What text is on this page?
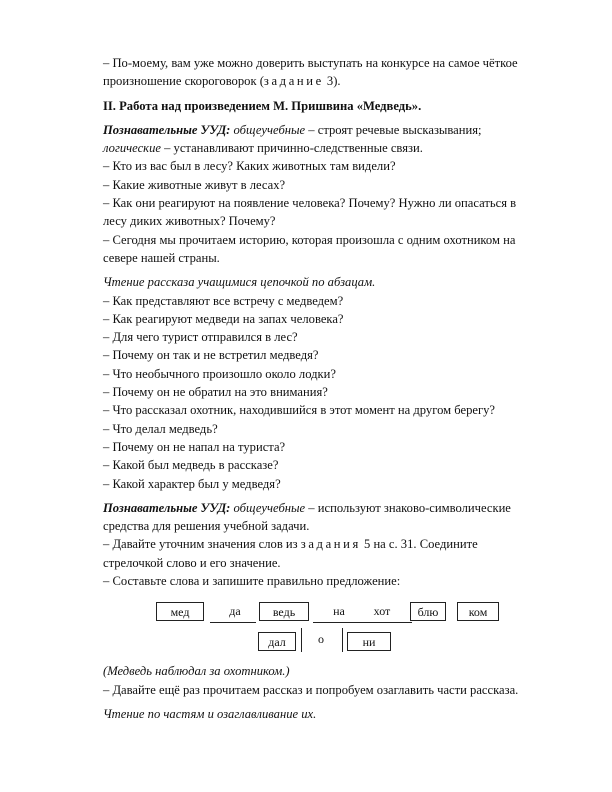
– По-моему, вам уже можно доверить выступать на конкурсе на самое чёткое
произношение скороговорок (задание 3).

II. Работа над произведением М. Пришвина «Медведь».

Познавательные УУД: общеучебные – строят речевые высказывания;
логические – устанавливают причинно-следственные связи.

– Кто из вас был в лесу? Каких животных там видели?

– Какие животные живут в лесах?

– Как они реагируют на появление человека? Почему? Нужно ли опасаться в
лесу диких животных? Почему?

– Сегодня мы прочитаем историю, которая произошла с одним охотником на
севере нашей страны.

Чтение рассказа учащимися цепочкой по абзацам.

– Как представляют все встречу с медведем?

– Как реагируют медведи на запах человека?

– Для чего турист отправился в лес?

– Почему он так и не встретил медведя?

– Что необычного произошло около лодки?

– Почему он не обратил на это внимания?

– Что рассказал охотник, находившийся в этот момент на другом берегу?

– Что делал медведь?

– Почему он не напал на туриста?

– Какой был медведь в рассказе?

– Какой характер был у медведя?

Познавательные УУД: общеучебные – используют знаково-символические
средства для решения учебной задачи.

– Давайте уточним значения слов из задания 5 на с. 31. Соедините
стрелочкой слово и его значение.

– Составьте слова и запишите правильно предложение:

мед	да	ведь	на	хот	блю	ком
дал	о	ни

(Медведь наблюдал за охотником.)

– Давайте ещё раз прочитаем рассказ и попробуем озаглавить части рассказа.

Чтение по частям и озаглавливание их.
